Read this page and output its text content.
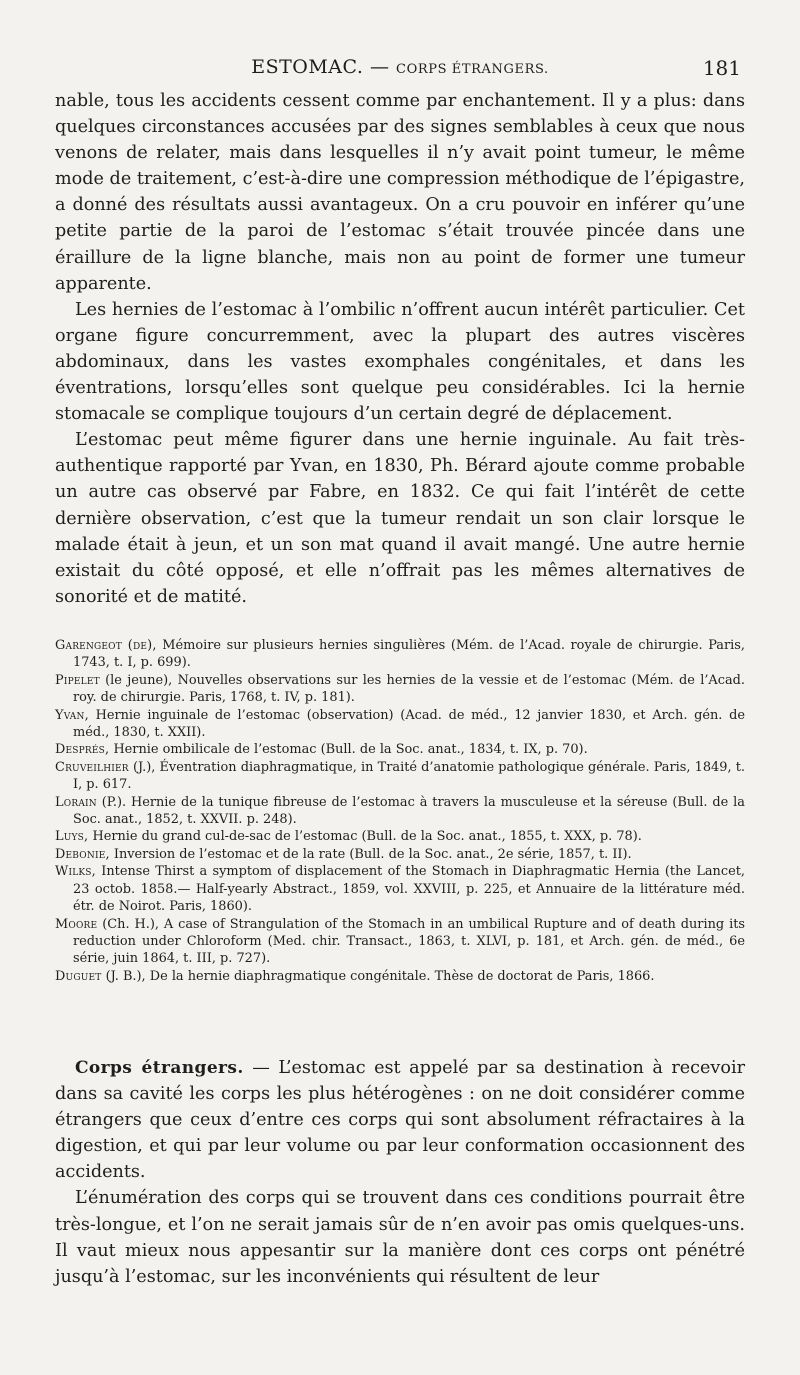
ESTOMAC. — CORPS ÉTRANGERS.	181

nable, tous les accidents cessent comme par enchantement. Il y a plus: dans quelques circonstances accusées par des signes semblables à ceux que nous venons de relater, mais dans lesquelles il n’y avait point tumeur, le même mode de traitement, c’est-à-dire une compression méthodique de l’épigastre, a donné des résultats aussi avantageux. On a cru pouvoir en inférer qu’une petite partie de la paroi de l’estomac s’était trouvée pincée dans une éraillure de la ligne blanche, mais non au point de former une tumeur apparente.

Les hernies de l’estomac à l’ombilic n’offrent aucun intérêt particulier. Cet organe figure concurremment, avec la plupart des autres viscères abdominaux, dans les vastes exomphales congénitales, et dans les éventrations, lorsqu’elles sont quelque peu considérables. Ici la hernie stomacale se complique toujours d’un certain degré de déplacement.

L’estomac peut même figurer dans une hernie inguinale. Au fait très-authentique rapporté par Yvan, en 1830, Ph. Bérard ajoute comme probable un autre cas observé par Fabre, en 1832. Ce qui fait l’intérêt de cette dernière observation, c’est que la tumeur rendait un son clair lorsque le malade était à jeun, et un son mat quand il avait mangé. Une autre hernie existait du côté opposé, et elle n’offrait pas les mêmes alternatives de sonorité et de matité.

Garengeot (de), Mémoire sur plusieurs hernies singulières (Mém. de l’Acad. royale de chirurgie. Paris, 1743, t. I, p. 699).

Pipelet (le jeune), Nouvelles observations sur les hernies de la vessie et de l’estomac (Mém. de l’Acad. roy. de chirurgie. Paris, 1768, t. IV, p. 181).

Yvan, Hernie inguinale de l’estomac (observation) (Acad. de méd., 12 janvier 1830, et Arch. gén. de méd., 1830, t. XXII).

Després, Hernie ombilicale de l’estomac (Bull. de la Soc. anat., 1834, t. IX, p. 70).

Cruveilhier (J.), Éventration diaphragmatique, in Traité d’anatomie pathologique générale. Paris, 1849, t. I, p. 617.

Lorain (P.). Hernie de la tunique fibreuse de l’estomac à travers la musculeuse et la séreuse (Bull. de la Soc. anat., 1852, t. XXVII. p. 248).

Luys, Hernie du grand cul-de-sac de l’estomac (Bull. de la Soc. anat., 1855, t. XXX, p. 78).

Debonie, Inversion de l’estomac et de la rate (Bull. de la Soc. anat., 2e série, 1857, t. II).

Wilks, Intense Thirst a symptom of displacement of the Stomach in Diaphragmatic Hernia (the Lancet, 23 octob. 1858.— Half-yearly Abstract., 1859, vol. XXVIII, p. 225, et Annuaire de la littérature méd. étr. de Noirot. Paris, 1860).

Moore (Ch. H.), A case of Strangulation of the Stomach in an umbilical Rupture and of death during its reduction under Chloroform (Med. chir. Transact., 1863, t. XLVI, p. 181, et Arch. gén. de méd., 6e série, juin 1864, t. III, p. 727).

Duguet (J. B.), De la hernie diaphragmatique congénitale. Thèse de doctorat de Paris, 1866.

Corps étrangers. — L’estomac est appelé par sa destination à recevoir dans sa cavité les corps les plus hétérogènes : on ne doit considérer comme étrangers que ceux d’entre ces corps qui sont absolument réfractaires à la digestion, et qui par leur volume ou par leur conformation occasionnent des accidents.

L’énumération des corps qui se trouvent dans ces conditions pourrait être très-longue, et l’on ne serait jamais sûr de n’en avoir pas omis quelques-uns. Il vaut mieux nous appesantir sur la manière dont ces corps ont pénétré jusqu’à l’estomac, sur les inconvénients qui résultent de leur
